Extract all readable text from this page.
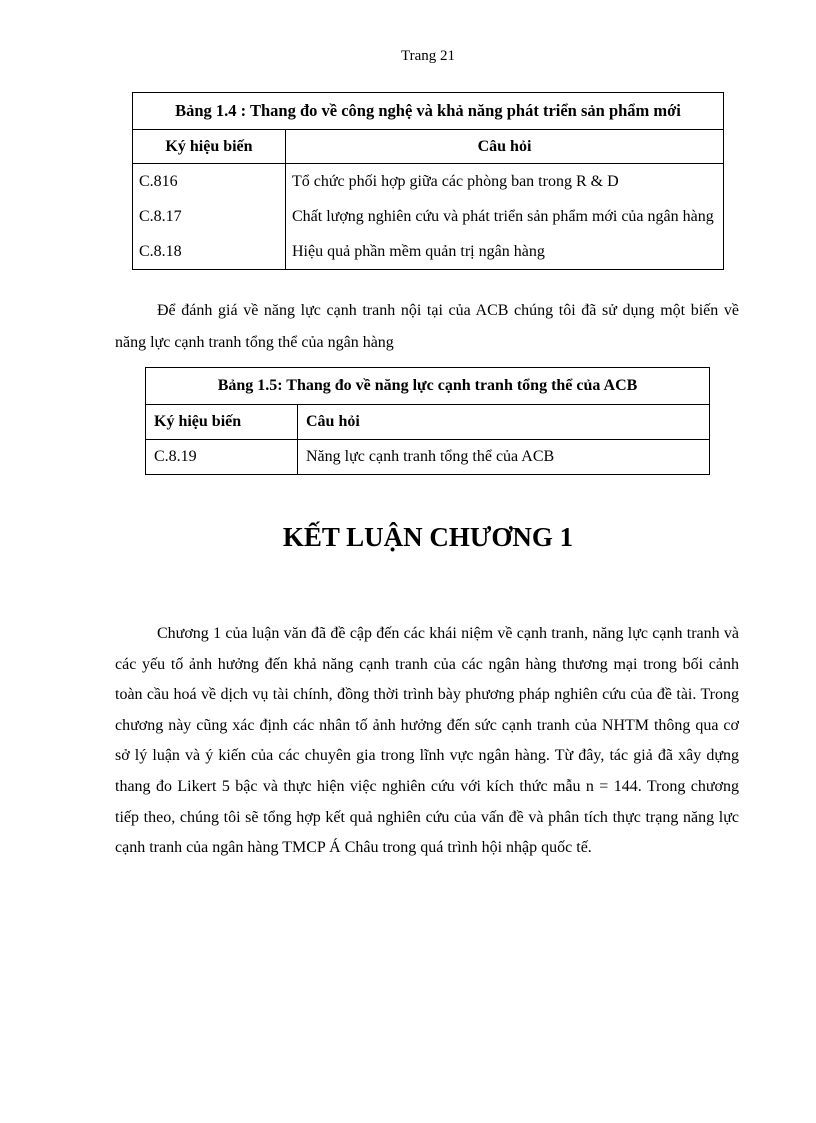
Trang 21
Bảng 1.4 : Thang đo về công nghệ và khả năng phát triển sản phẩm mới	
Ký hiệu biến	Câu hỏi
C.816	Tổ chức phối hợp giữa các phòng ban trong R & D
C.8.17	Chất lượng nghiên cứu và phát triển sản phẩm mới của ngân hàng
C.8.18	Hiệu quả phần mềm quản trị ngân hàng

Để đánh giá về năng lực cạnh tranh nội tại của ACB chúng tôi đã sử dụng một biến về năng lực cạnh tranh tổng thể của ngân hàng

Bảng 1.5: Thang đo về năng lực cạnh tranh tổng thể của ACB	
Ký hiệu biến	Câu hỏi
C.8.19	Năng lực cạnh tranh tổng thể của ACB
KẾT LUẬN CHƯƠNG 1

Chương 1 của luận văn đã đề cập đến các khái niệm về cạnh tranh, năng lực cạnh tranh và các yếu tố ảnh hưởng đến khả năng cạnh tranh của các ngân hàng thương mại trong bối cảnh toàn cầu hoá về dịch vụ tài chính, đồng thời trình bày phương pháp nghiên cứu của đề tài. Trong chương này cũng xác định các nhân tố ảnh hưởng đến sức cạnh tranh của NHTM thông qua cơ sở lý luận và ý kiến của các chuyên gia trong lĩnh vực ngân hàng. Từ đây, tác giả đã xây dựng thang đo Likert 5 bậc và thực hiện việc nghiên cứu với kích thức mẫu n = 144. Trong chương tiếp theo, chúng tôi sẽ tổng hợp kết quả nghiên cứu của vấn đề và phân tích thực trạng năng lực cạnh tranh của ngân hàng TMCP Á Châu trong quá trình hội nhập quốc tế.
